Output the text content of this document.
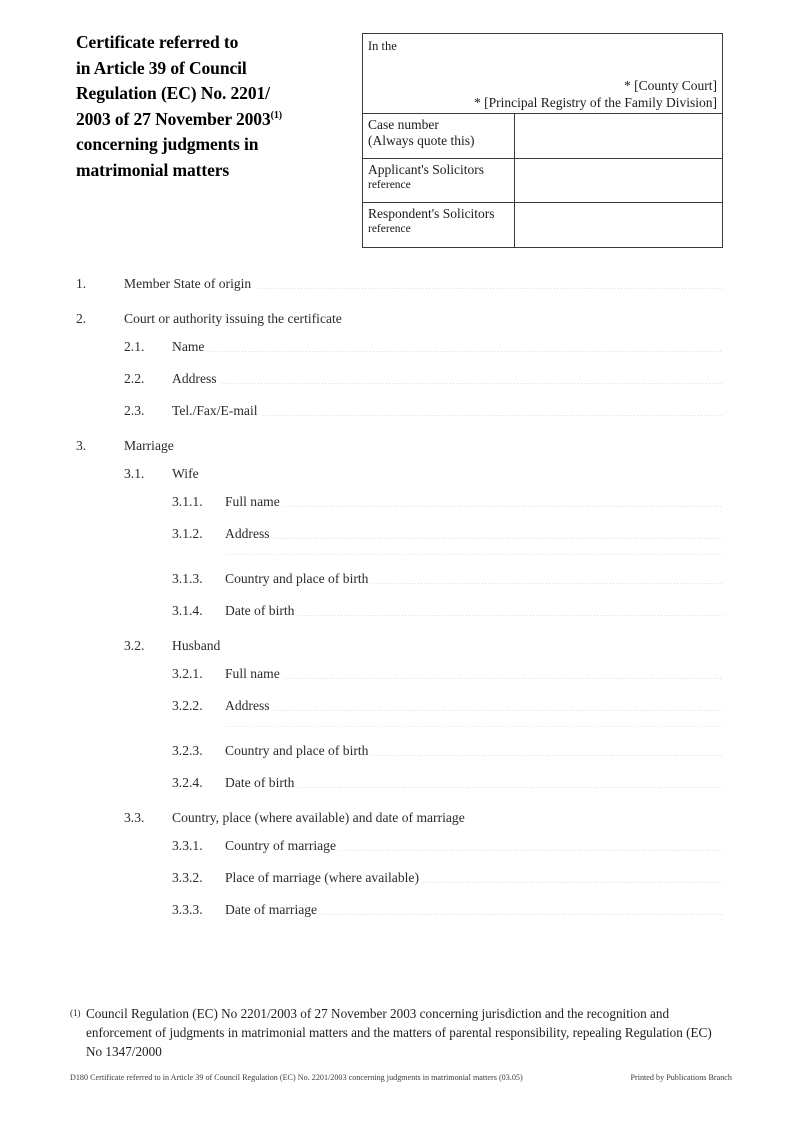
Certificate referred to
in Article 39 of Council
Regulation (EC) No. 2201/
2003 of 27 November 2003$^{(1)}$
concerning judgments in
matrimonial matters
In the
* [County Court]
* [Principal Registry of the Family Division]
Case number
(Always quote this)
Applicant's Solicitors
reference
Respondent's Solicitors
reference
1.	Member State of origin
2.	Court or authority issuing the certificate
2.1.	Name
2.2.	Address
2.3.	Tel./Fax/E-mail
3.	Marriage
3.1.	Wife
3.1.1.	Full name
3.1.2.	Address
3.1.3.	Country and place of birth
3.1.4.	Date of birth
3.2.	Husband
3.2.1.	Full name
3.2.2.	Address
3.2.3.	Country and place of birth
3.2.4.	Date of birth
3.3.	Country, place (where available) and date of marriage
3.3.1.	Country of marriage
3.3.2.	Place of marriage (where available)
3.3.3.	Date of marriage
(1) Council Regulation (EC) No 2201/2003 of 27 November 2003 concerning jurisdiction and the recognition and enforcement of judgments in matrimonial matters and the matters of parental responsibility, repealing Regulation (EC) No 1347/2000
D180 Certificate referred to in Article 39 of Council Regulation (EC) No. 2201/2003 concerning judgments in matrimonial matters (03.05)	Printed by Publications Branch
